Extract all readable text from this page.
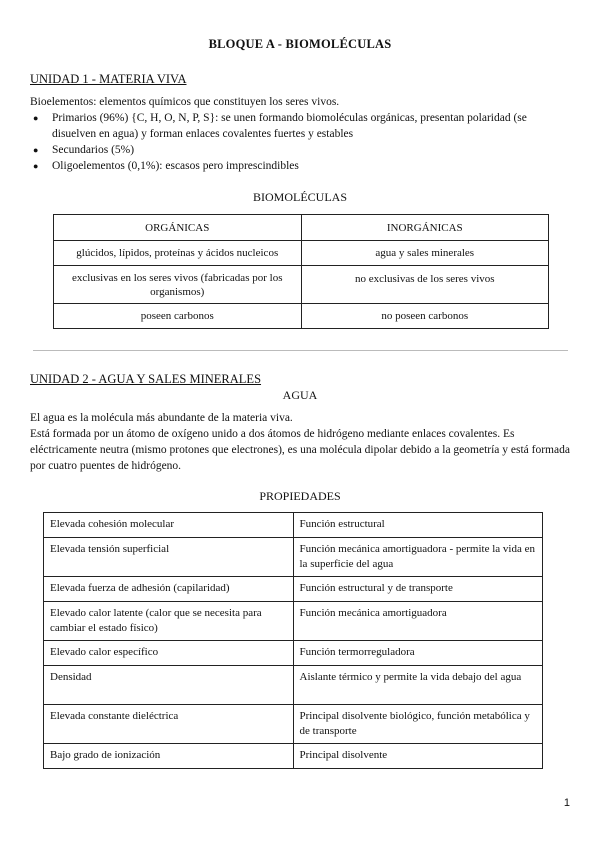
BLOQUE A - BIOMOLÉCULAS
UNIDAD 1 - MATERIA VIVA
Bioelementos: elementos químicos que constituyen los seres vivos.
● Primarios (96%) {C, H, O, N, P, S}: se unen formando biomoléculas orgánicas, presentan polaridad (se disuelven en agua) y forman enlaces covalentes fuertes y estables
● Secundarios (5%)
● Oligoelementos (0,1%): escasos pero imprescindibles
BIOMOLÉCULAS
ORGÁNICAS	INORGÁNICAS
glúcidos, lípidos, proteínas y ácidos nucleicos	agua y sales minerales
exclusivas en los seres vivos (fabricadas por los organismos)	no exclusivas de los seres vivos
poseen carbonos	no poseen carbonos
UNIDAD 2 - AGUA Y SALES MINERALES
AGUA
El agua es la molécula más abundante de la materia viva.
Está formada por un átomo de oxígeno unido a dos átomos de hidrógeno mediante enlaces covalentes. Es eléctricamente neutra (mismo protones que electrones), es una molécula dipolar debido a la geometría y está formada por cuatro puentes de hidrógeno.
PROPIEDADES
Elevada cohesión molecular	Función estructural
Elevada tensión superficial	Función mecánica amortiguadora - permite la vida en la superficie del agua
Elevada fuerza de adhesión (capilaridad)	Función estructural y de transporte
Elevado calor latente (calor que se necesita para cambiar el estado físico)	Función mecánica amortiguadora
Elevado calor específico	Función termorreguladora
Densidad	Aislante térmico y permite la vida debajo del agua
Elevada constante dieléctrica	Principal disolvente biológico, función metabólica y de transporte
Bajo grado de ionización	Principal disolvente
1
